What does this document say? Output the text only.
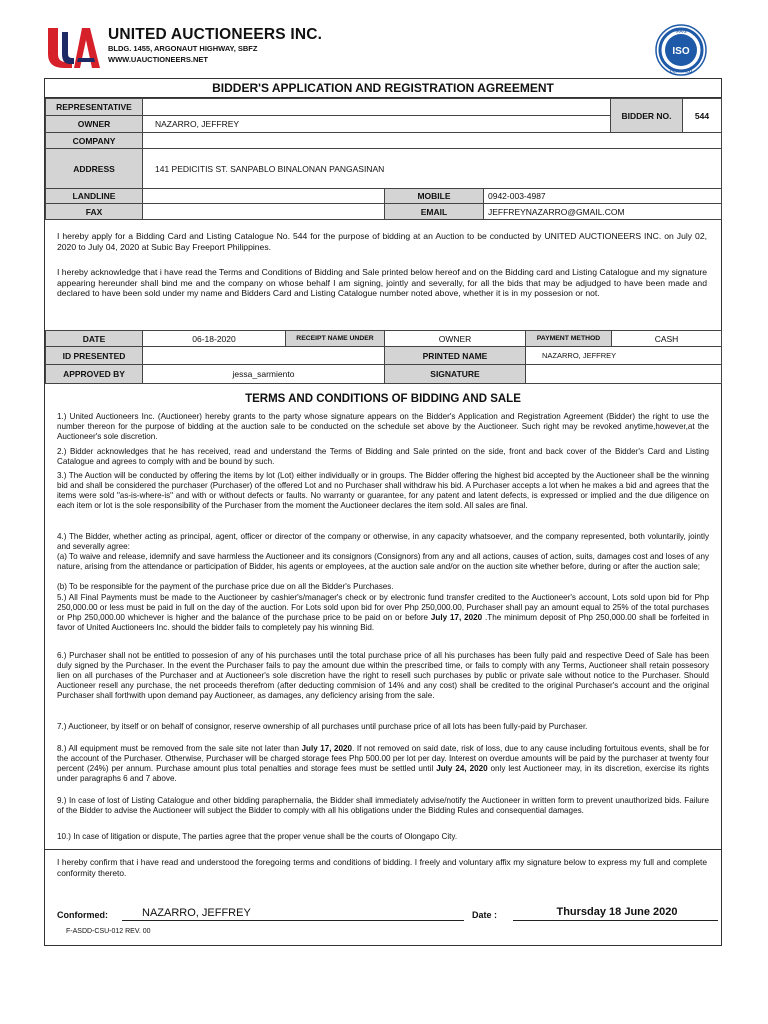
UNITED AUCTIONEERS INC.
BLDG. 1455, ARGONAUT HIGHWAY, SBFZ
WWW.UAUCTIONEERS.NET
9001
ISO
CERTIFIED
BIDDER'S APPLICATION AND REGISTRATION AGREEMENT
REPRESENTATIVE				BIDDER NO.	544
OWNER	NAZARRO, JEFFREY				
COMPANY					
ADDRESS	141 PEDICITIS ST. SANPABLO BINALONAN PANGASINAN				
LANDLINE		MOBILE	0942-003-4987		
FAX		EMAIL	JEFFREYNAZARRO@GMAIL.COM		

I hereby apply for a Bidding Card and Listing Catalogue No. 544 for the purpose of bidding at an Auction to be conducted by UNITED AUCTIONEERS INC. on July 02, 2020 to July 04, 2020 at Subic Bay Freeport Philippines.

I hereby acknowledge that i have read the Terms and Conditions of Bidding and Sale printed below hereof and on the Bidding card and Listing Catalogue and my signature appearing hereunder shall bind me and the company on whose behalf I am signing, jointly and severally, for all the bids that may be adjudged to have been made and declared to have been sold under my name and Bidders Card and Listing Catalogue number noted above, whether it is in my possesion or not.

DATE	06-18-2020	RECEIPT NAME UNDER	OWNER	PAYMENT METHOD	CASH
ID PRESENTED			PRINTED NAME	NAZARRO, JEFFREY	
APPROVED BY	jessa_sarmiento		SIGNATURE		
TERMS AND CONDITIONS OF BIDDING AND SALE

1.) United Auctioneers Inc. (Auctioneer) hereby grants to the party whose signature appears on the Bidder's Application and Registration Agreement (Bidder) the right to use the number thereon for the purpose of bidding at the auction sale to be conducted on the schedule set above by the Auctioneer. Such right may be revoked anytime,however,at the Auctioneer's sole discretion.

2.) Bidder acknowledges that he has received, read and understand the Terms of Bidding and Sale printed on the side, front and back cover of the Bidder's Card and Listing Catalogue and agrees to comply with and be bound by such.

3.) The Auction will be conducted by offering the items by lot (Lot) either individually or in groups. The Bidder offering the highest bid accepted by the Auctioneer shall be the winning bid and shall be considered the purchaser (Purchaser) of the offered Lot and no Purchaser shall withdraw his bid. A Purchaser accepts a lot when he makes a bid and agrees that the items were sold "as-is-where-is" and with or without defects or faults. No warranty or guarantee, for any patent and latent defects, is expressed or implied and the due diligence on each item or lot is the sole responsibility of the Purchaser from the moment the Auctioneer declares the item sold. All sales are final.

4.) The Bidder, whether acting as principal, agent, officer or director of the company or otherwise, in any capacity whatsoever, and the company represented, both voluntarily, jointly and severally agree:

(a) To waive and release, idemnify and save harmless the Auctioneer and its consignors (Consignors) from any and all actions, causes of action, suits, damages cost and loses of any nature, arising from the attendance or participation of Bidder, his agents or employees, at the auction sale and/or on the auction site whether before, during or after the auction sale;

(b) To be responsible for the payment of the purchase price due on all the Bidder's Purchases.

5.) All Final Payments must be made to the Auctioneer by cashier's/manager's check or by electronic fund transfer credited to the Auctioneer's account, Lots sold upon bid for Php 250,000.00 or less must be paid in full on the day of the auction. For Lots sold upon bid for over Php 250,000.00, Purchaser shall pay an amount equal to 25% of the total purchases or Php 250,000.00 whichever is higher and the balance of the purchase price to be paid on or before July 17, 2020 .The minimum deposit of Php 250,000.00 shall be forfeited in favor of United Auctioneers Inc. should the bidder fails to completely pay his winning Bid.

6.) Purchaser shall not be entitled to possesion of any of his purchases until the total purchase price of all his purchases has been fully paid and respective Deed of Sale has been duly signed by the Purchaser. In the event the Purchaser fails to pay the amount due within the prescribed time, or fails to comply with any Terms, Auctioneer shall retain possesory lien on all purchases of the Purchaser and at Auctioneer's sole discretion have the right to resell such purchases by public or private sale without notice to the Purchaser. Should Auctioneer resell any purchase, the net proceeds therefrom (after deducting commision of 14% and any cost) shall be credited to the original Purchaser's account and the original Purchaser shall forthwith upon demand pay Auctioneer, as damages, any deficiency arising from the sale.

7.) Auctioneer, by itself or on behalf of consignor, reserve ownership of all purchases until purchase price of all lots has been fully-paid by Purchaser.

8.) All equipment must be removed from the sale site not later than July 17, 2020. If not removed on said date, risk of loss, due to any cause including fortuitous events, shall be for the account of the Purchaser. Otherwise, Purchaser will be charged storage fees Php 500.00 per lot per day. Interest on overdue amounts will be paid by the purchaser at twenty four percent (24%) per annum. Purchase amount plus total penalties and storage fees must be settled until July 24, 2020 only lest Auctioneer may, in its discretion, exercise its rights under paragraphs 6 and 7 above.

9.) In case of lost of Listing Catalogue and other bidding paraphernalia, the Bidder shall immediately advise/notify the Auctioneer in written form to prevent unauthorized bids. Failure of the Bidder to advise the Auctioneer will subject the Bidder to comply with all his obligations under the Bidding Rules and consequential damages.

10.) In case of litigation or dispute, The parties agree that the proper venue shall be the courts of Olongapo City.

I hereby confirm that i have read and understood the foregoing terms and conditions of bidding. I freely and voluntary affix my signature below to express my full and complete conformity thereto.

Conformed:	NAZARRO, JEFFREY	Date :	Thursday 18 June 2020
F-ASDD-CSU-012 REV. 00
